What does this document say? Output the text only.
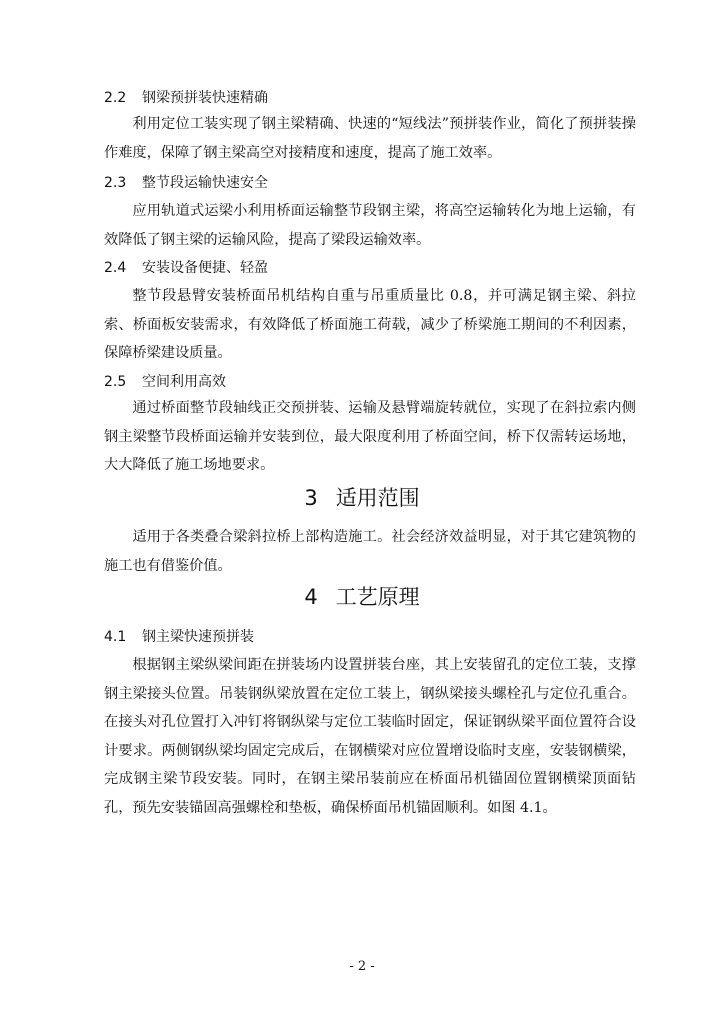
2.2 钢梁预拼装快速精确
利用定位工装实现了钢主梁精确、快速的“短线法”预拼装作业，简化了预拼装操作难度，保障了钢主梁高空对接精度和速度，提高了施工效率。
2.3 整节段运输快速安全
应用轨道式运梁小利用桥面运输整节段钢主梁，将高空运输转化为地上运输，有效降低了钢主梁的运输风险，提高了梁段运输效率。
2.4 安装设备便捷、轻盈
整节段悬臂安装桥面吊机结构自重与吊重质量比 0.8，并可满足钢主梁、斜拉索、桥面板安装需求，有效降低了桥面施工荷载，减少了桥梁施工期间的不利因素，保障桥梁建设质量。
2.5 空间利用高效
通过桥面整节段轴线正交预拼装、运输及悬臂端旋转就位，实现了在斜拉索内侧钢主梁整节段桥面运输并安装到位，最大限度利用了桥面空间，桥下仅需转运场地，大大降低了施工场地要求。
3 适用范围
适用于各类叠合梁斜拉桥上部构造施工。社会经济效益明显，对于其它建筑物的施工也有借鉴价值。
4 工艺原理
4.1 钢主梁快速预拼装
根据钢主梁纵梁间距在拼装场内设置拼装台座，其上安装留孔的定位工装，支撑钢主梁接头位置。吊装钢纵梁放置在定位工装上，钢纵梁接头螺栓孔与定位孔重合。在接头对孔位置打入冲钉将钢纵梁与定位工装临时固定，保证钢纵梁平面位置符合设计要求。两侧钢纵梁均固定完成后，在钢横梁对应位置增设临时支座，安装钢横梁，完成钢主梁节段安装。同时，在钢主梁吊装前应在桥面吊机锚固位置钢横梁顶面钻孔，预先安装锚固高强螺栓和垫板，确保桥面吊机锚固顺利。如图 4.1。
- 2 -
